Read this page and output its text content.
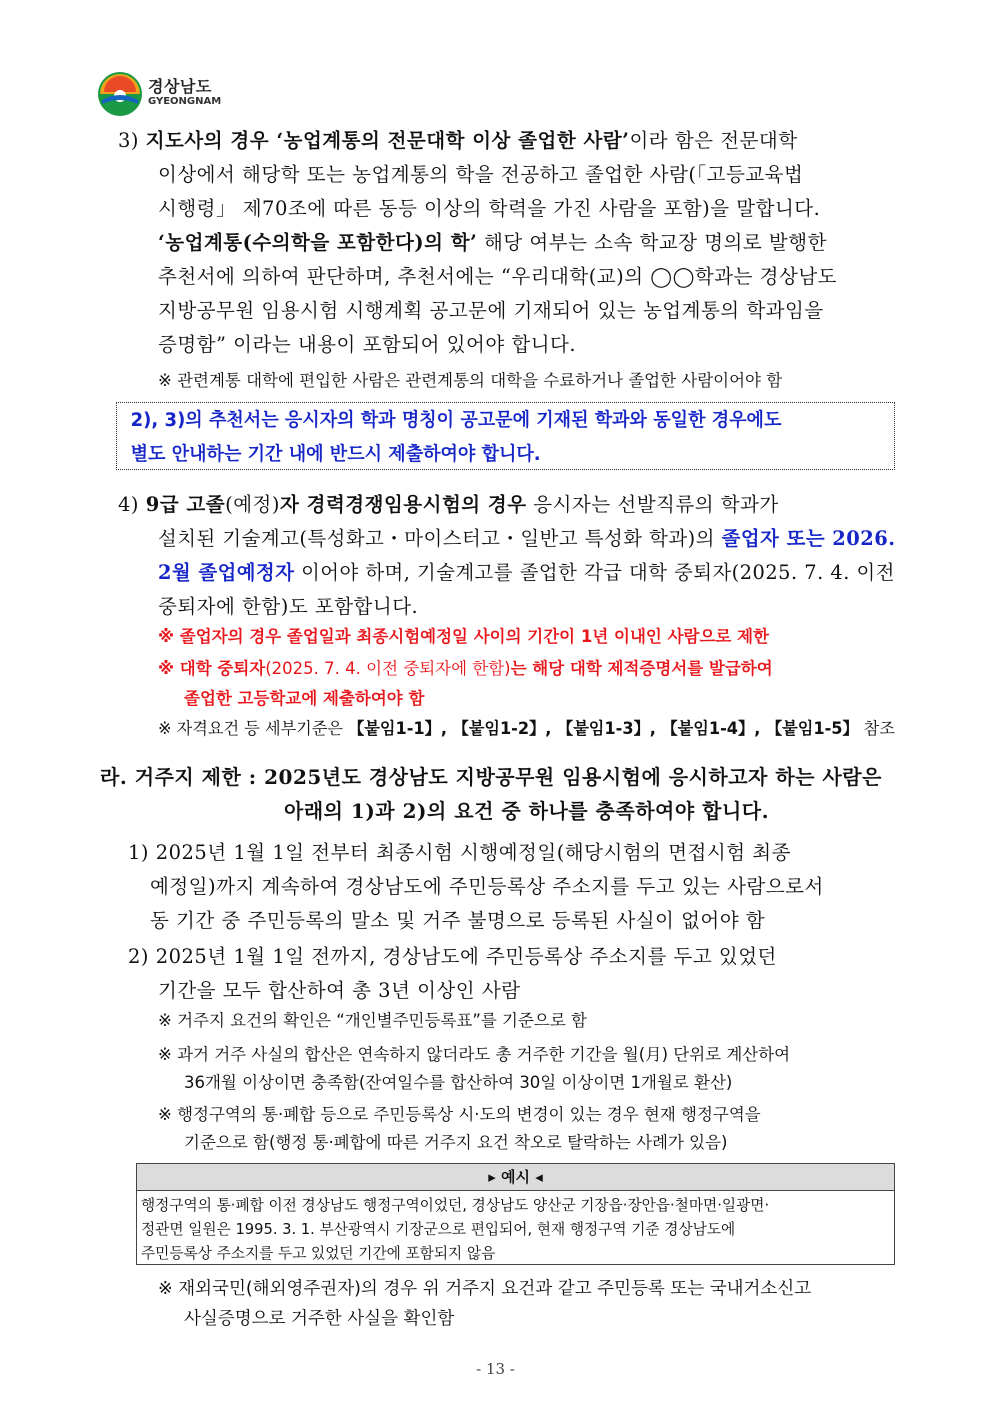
경상남도
GYEONGNAM
3) 지도사의 경우 ‘농업계통의 전문대학 이상 졸업한 사람’이라 함은 전문대학
이상에서 해당학 또는 농업계통의 학을 전공하고 졸업한 사람(「고등교육법
시행령」 제70조에 따른 동등 이상의 학력을 가진 사람을 포함)을 말합니다.
‘농업계통(수의학을 포함한다)의 학’ 해당 여부는 소속 학교장 명의로 발행한
추천서에 의하여 판단하며, 추천서에는 “우리대학(교)의 ◯◯학과는 경상남도
지방공무원 임용시험 시행계획 공고문에 기재되어 있는 농업계통의 학과임을
증명함” 이라는 내용이 포함되어 있어야 합니다.
※ 관련계통 대학에 편입한 사람은 관련계통의 대학을 수료하거나 졸업한 사람이어야 함
2), 3)의 추천서는 응시자의 학과 명칭이 공고문에 기재된 학과와 동일한 경우에도
별도 안내하는 기간 내에 반드시 제출하여야 합니다.
4) 9급 고졸(예정)자 경력경쟁임용시험의 경우 응시자는 선발직류의 학과가
설치된 기술계고(특성화고・마이스터고・일반고 특성화 학과)의 졸업자 또는 2026.
2월 졸업예정자 이어야 하며, 기술계고를 졸업한 각급 대학 중퇴자(2025. 7. 4. 이전
중퇴자에 한함)도 포함합니다.
※ 졸업자의 경우 졸업일과 최종시험예정일 사이의 기간이 1년 이내인 사람으로 제한
※ 대학 중퇴자(2025. 7. 4. 이전 중퇴자에 한함)는 해당 대학 제적증명서를 발급하여
졸업한 고등학교에 제출하여야 함
※ 자격요건 등 세부기준은 【붙임1-1】, 【붙임1-2】, 【붙임1-3】, 【붙임1-4】, 【붙임1-5】 참조
라. 거주지 제한 : 2025년도 경상남도 지방공무원 임용시험에 응시하고자 하는 사람은
아래의 1)과 2)의 요건 중 하나를 충족하여야 합니다.
1) 2025년 1월 1일 전부터 최종시험 시행예정일(해당시험의 면접시험 최종
예정일)까지 계속하여 경상남도에 주민등록상 주소지를 두고 있는 사람으로서
동 기간 중 주민등록의 말소 및 거주 불명으로 등록된 사실이 없어야 함
2) 2025년 1월 1일 전까지, 경상남도에 주민등록상 주소지를 두고 있었던
기간을 모두 합산하여 총 3년 이상인 사람
※ 거주지 요건의 확인은 “개인별주민등록표”를 기준으로 함
※ 과거 거주 사실의 합산은 연속하지 않더라도 총 거주한 기간을 월(月) 단위로 계산하여
36개월 이상이면 충족함(잔여일수를 합산하여 30일 이상이면 1개월로 환산)
※ 행정구역의 통·폐합 등으로 주민등록상 시·도의 변경이 있는 경우 현재 행정구역을
기준으로 함(행정 통·폐합에 따른 거주지 요건 착오로 탈락하는 사례가 있음)
▸ 예시 ◂
행정구역의 통·폐합 이전 경상남도 행정구역이었던, 경상남도 양산군 기장읍·장안읍·철마면·일광면·
정관면 일원은 1995. 3. 1. 부산광역시 기장군으로 편입되어, 현재 행정구역 기준 경상남도에
주민등록상 주소지를 두고 있었던 기간에 포함되지 않음
※ 재외국민(해외영주권자)의 경우 위 거주지 요건과 같고 주민등록 또는 국내거소신고
사실증명으로 거주한 사실을 확인함
- 13 -
